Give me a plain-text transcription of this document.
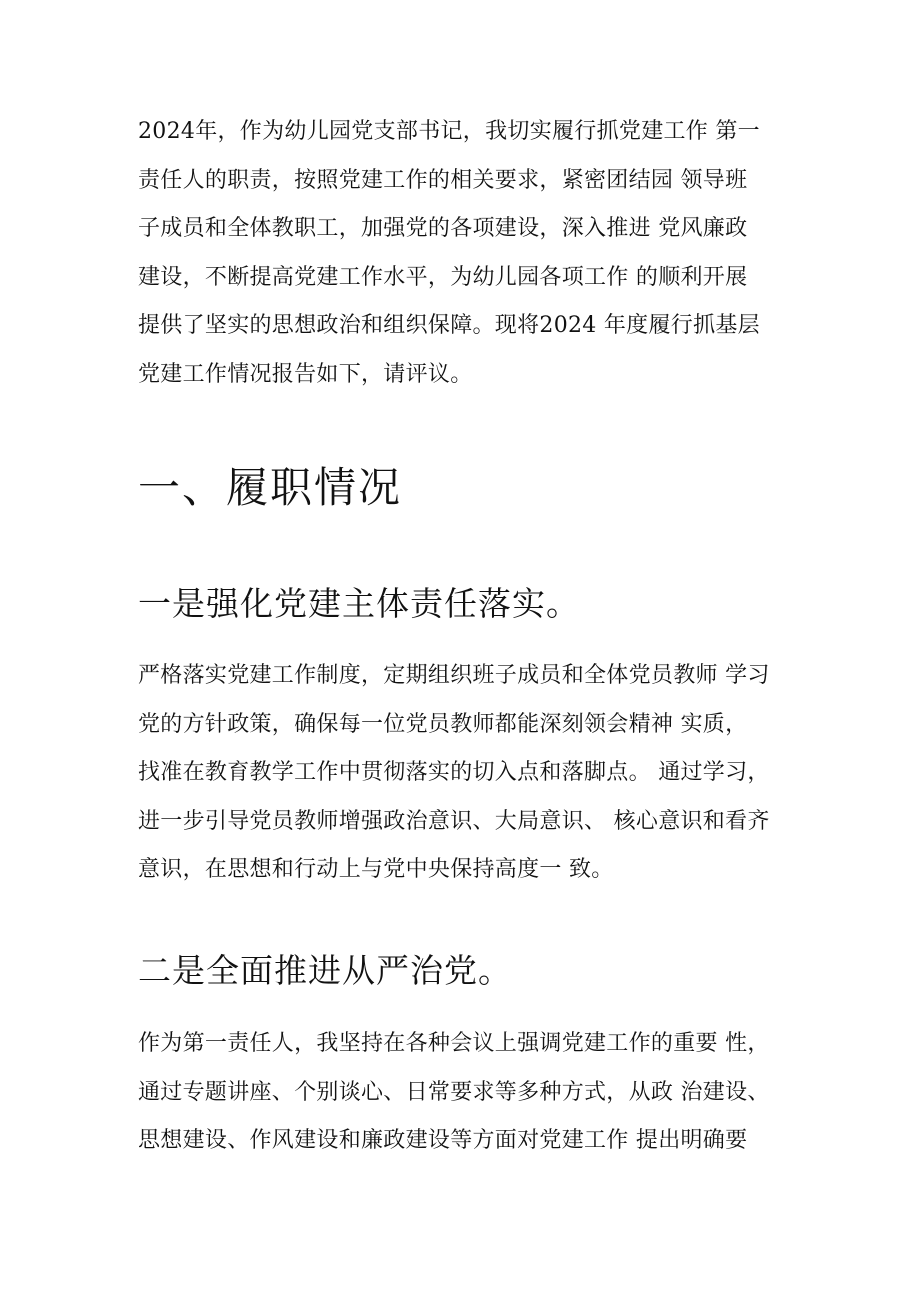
2024年，作为幼儿园党支部书记，我切实履行抓党建工作 第一
责任人的职责，按照党建工作的相关要求，紧密团结园 领导班
子成员和全体教职工，加强党的各项建设，深入推进 党风廉政
建设，不断提高党建工作水平，为幼儿园各项工作 的顺利开展
提供了坚实的思想政治和组织保障。现将2024 年度履行抓基层
党建工作情况报告如下，请评议。
一、履职情况
一是强化党建主体责任落实。
严格落实党建工作制度，定期组织班子成员和全体党员教师 学习
党的方针政策，确保每一位党员教师都能深刻领会精神 实质，
找准在教育教学工作中贯彻落实的切入点和落脚点。 通过学习，
进一步引导党员教师增强政治意识、大局意识、 核心意识和看齐
意识，在思想和行动上与党中央保持高度一 致。
二是全面推进从严治党。
作为第一责任人，我坚持在各种会议上强调党建工作的重要 性，
通过专题讲座、个别谈心、日常要求等多种方式，从政 治建设、
思想建设、作风建设和廉政建设等方面对党建工作 提出明确要
